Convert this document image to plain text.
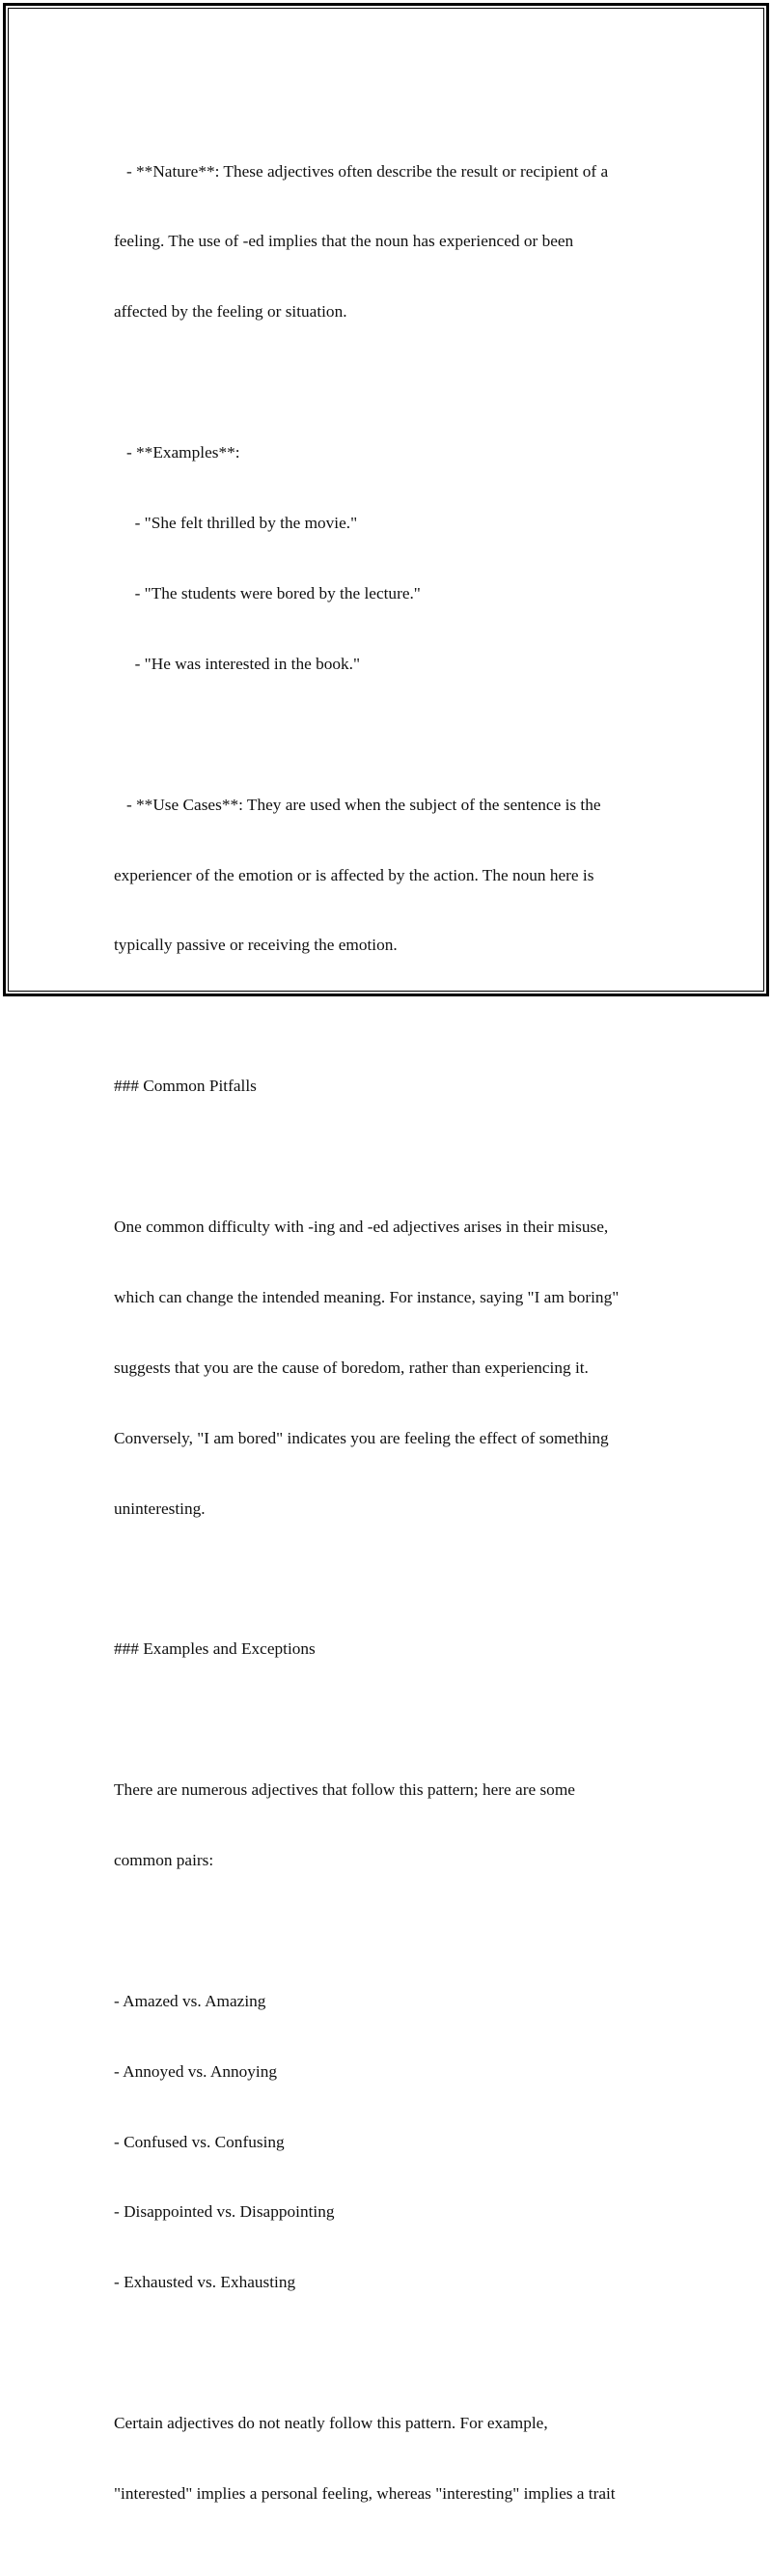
- **Nature**: These adjectives often describe the result or recipient of a

feeling. The use of -ed implies that the noun has experienced or been

affected by the feeling or situation.

- **Examples**:

- "She felt thrilled by the movie."

- "The students were bored by the lecture."

- "He was interested in the book."

- **Use Cases**: They are used when the subject of the sentence is the

experiencer of the emotion or is affected by the action. The noun here is

typically passive or receiving the emotion.

### Common Pitfalls

One common difficulty with -ing and -ed adjectives arises in their misuse,

which can change the intended meaning. For instance, saying "I am boring"

suggests that you are the cause of boredom, rather than experiencing it.

Conversely, "I am bored" indicates you are feeling the effect of something

uninteresting.

### Examples and Exceptions

There are numerous adjectives that follow this pattern; here are some

common pairs:

- Amazed vs. Amazing

- Annoyed vs. Annoying

- Confused vs. Confusing

- Disappointed vs. Disappointing

- Exhausted vs. Exhausting

Certain adjectives do not neatly follow this pattern. For example,

"interested" implies a personal feeling, whereas "interesting" implies a trait
